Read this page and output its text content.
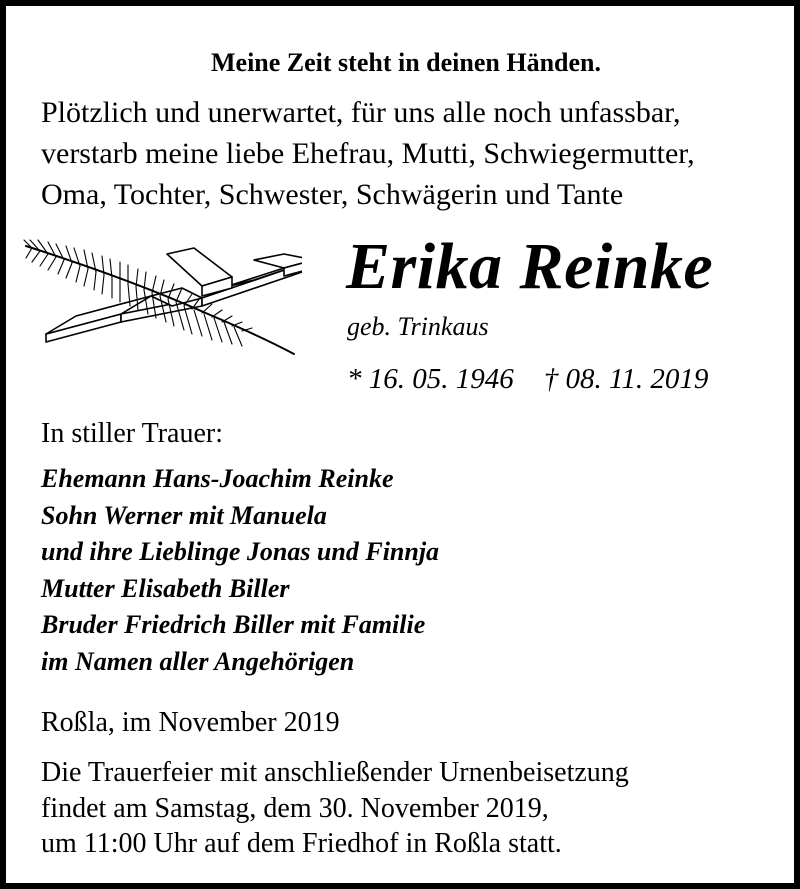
Meine Zeit steht in deinen Händen.
Plötzlich und unerwartet, für uns alle noch unfassbar,
verstarb meine liebe Ehefrau, Mutti, Schwiegermutter,
Oma, Tochter, Schwester, Schwägerin und Tante
Erika Reinke
geb. Trinkaus
* 16. 05. 1946 † 08. 11. 2019
In stiller Trauer:
Ehemann Hans-Joachim Reinke
Sohn Werner mit Manuela
und ihre Lieblinge Jonas und Finnja
Mutter Elisabeth Biller
Bruder Friedrich Biller mit Familie
im Namen aller Angehörigen
Roßla, im November 2019
Die Trauerfeier mit anschließender Urnenbeisetzung
findet am Samstag, dem 30. November 2019,
um 11:00 Uhr auf dem Friedhof in Roßla statt.
